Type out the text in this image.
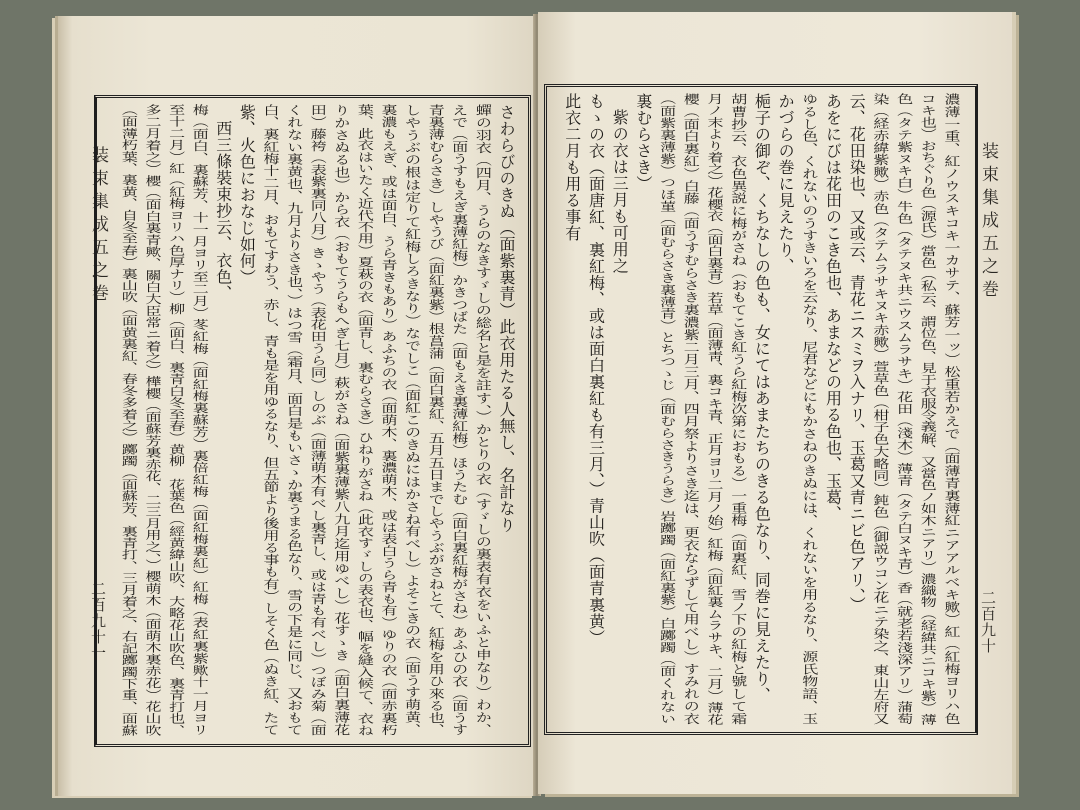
装束集成五之巻
二百九十一
さわらびのきぬ（面紫裏青）此衣用たる人無し、名計なり
蟬の羽衣（四月、うらのなきすゞしの総名と是を註す、）かとりの衣（すゞしの裏表有衣をいふと申なり）わか、
えで（面うすもえぎ裏薄紅梅）かきつばた（面もえき裏薄紅梅）ほうたむ（面白裏紅梅がさね）あふひの衣（面うす
青裏薄むらさき）しやうび（面紅裏紫）根菖蒲（面白裏紅、五月五日までしやうぶがさねとて、紅梅を用ひ來る也、
しやうぶの根は定りて紅梅しろきなり）なでしこ（面紅このきぬにはかさね有べし）よそこきの衣（面うす萌黄、
裏濃もえぎ、或は面白、うら青きもあり）あふちの衣（面萌木、裏濃萌木、或は表白うら青も有）ゆりの衣（面赤裏朽
葉、此衣はいたく近代不用）夏萩の衣（面青し、裏むらさき）ひねりがさね（此衣すゞしの表衣也、幅を縫入候て、衣ね
りかさぬる也）から衣（おもてうらもへぎ七月）萩がさね（面紫裏薄紫八九月迄用ゆべし）花すゝき（面白裏薄花
田）藤袴（表紫裏同八月）きゝやう（表花田うら同）しのぶ（面薄萌木有べし裏青し、或は青も有べし）つぼみ菊（面
くれない裏黄也、九月よりさき也、）はつ雪（霜月、面白是もいさゝか裏うまる色なり、雪の下是に同じ、又おもて
白、裏紅梅十二月、おもてすわう、赤し、青も是を用ゆるなり、但五節より後用る事も有）しそく色（ぬき紅、たて
紫、火色におなじ如何）
西三條裝束抄云、衣色、
梅（面白、裏蘇芳、十一月ヨリ至二月）苳紅梅（面紅梅裏蘇芳）裏倍紅梅（面紅梅裏紅）紅梅（表紅裏紫歟十一月ヨリ
至十二月）紅（紅梅ヨリハ色厚ナリ）柳（面白、裏青白冬至春）黄柳　花葉色（經黄緯山吹、大略花山吹色、裏青打也、
多二月着之）櫻（面白裏青歟、關白大臣常ニ着之）樺櫻（面蘇芳裏赤花、二三月用之、）櫻萌木（面萌木裏赤花）花山吹
（面薄朽葉、裏黄、自冬至春）裏山吹（面黄裏紅、春冬多着之）躑躅（面蘇芳、裏青打、三月着之、右記躑躅下重、面蘇	装束集成五之巻
二百九十
濃薄一重、紅ノウスキコキ一カサテ、蘇芳一ッ）松重若かえで（面薄青裏薄紅ニアアルベキ歟）紅（紅梅ヨリハ色
コキ也）おちぐり色（源氏）當色（私云、謂位色、見于衣服令義解、又當色ノ如木ニアリ）濃織物（経緯共ニコキ紫）薄
色（タテ紫ヌキ白）牛色（タテヌキ共ニウスムラサキ）花田（淺木）薄青（タテ白ヌキ青）香（就老若淺深アリ）蒲萄
染（経赤緯紫歟）赤色（タテムラサキヌキ赤歟）萱草色（柑子色大略同）鈍色（御説ウコン花ニテ染之、東山左府又
云、花田染也、又或云、青花ニスミヲ入ナリ、玉葛又青ニビ色アリ、）
あをにびは花田のこき色也、あまなどの用る色也、玉葛、
ゆるし色、くれないのうすきいろを云なり、尼君などにもかさねのきぬには、くれないを用るなり、源氏物語、玉
かづらの巻に見えたり、
梔子の御ぞ、くちなしの色も、女にてはあまたちのきる色なり、同巻に見えたり、
胡曹抄云、衣色異説に梅がさね（おもてこき紅うら紅梅次第におもる）一重梅（面裏紅、雪ノ下の紅梅と號して霜
月ノ末より着之）花櫻衣（面白裏青）若草（面薄靑、裏コキ青、正月ヨリ二月ノ始）紅梅（面紅裏ムラサキ、二月）薄花
櫻（面白裏紅）白藤（面うすむらさき裏濃紫二月三月、四月祭よりさき迄は、更衣ならずして用べし）すみれの衣
（面紫裏薄紫）つほ菫（面むらさき裏薄青）とちつゝじ（面むらさきうらき）岩躑躅（面紅裏紫）白躑躅（面くれない
裏むらさき）
紫の衣は三月も可用之
もゝの衣（面唐紅、裏紅梅、或は面白裏紅も有三月、）青山吹（面青裏黄）
此衣二月も用る事有
